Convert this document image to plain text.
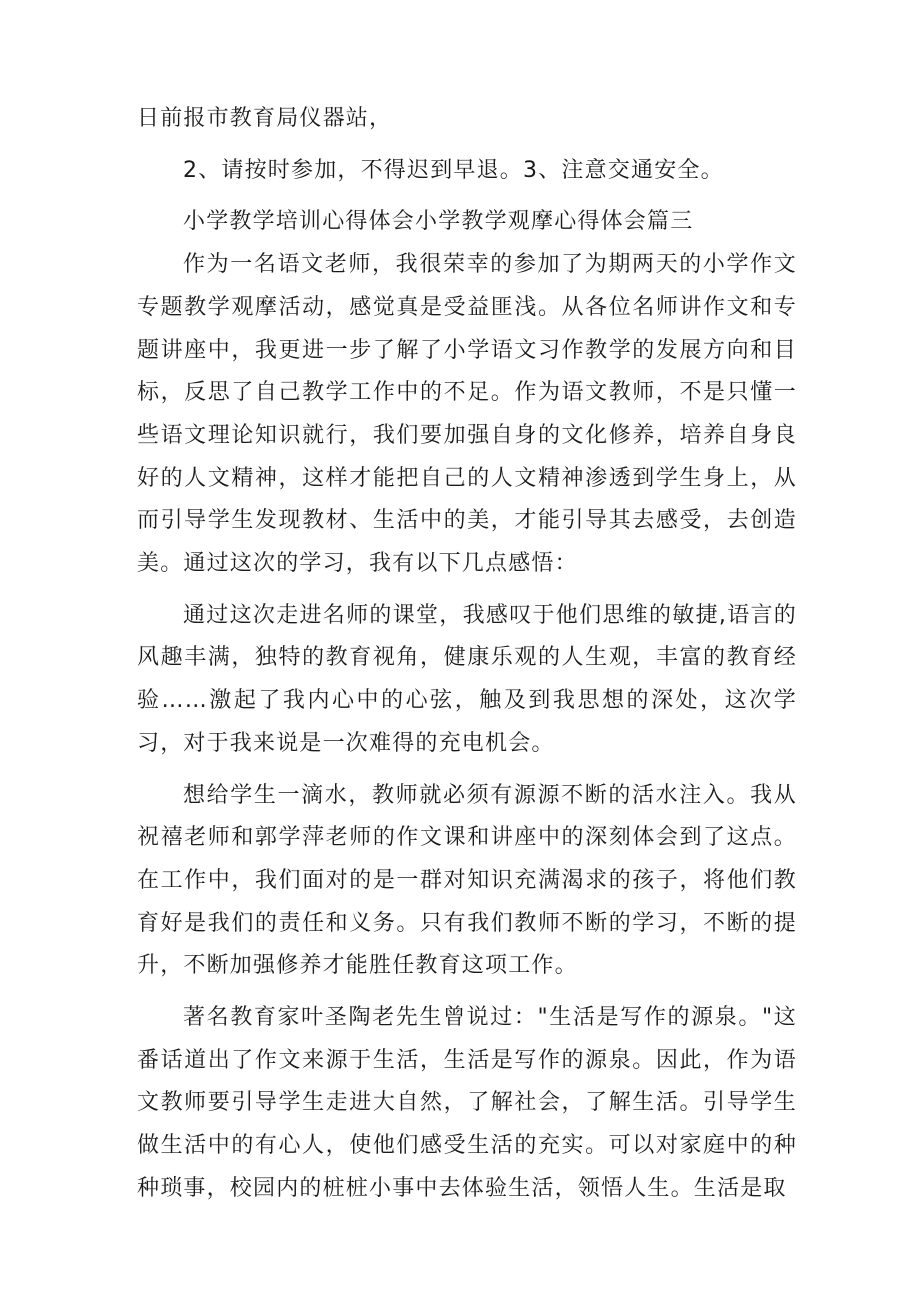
日前报市教育局仪器站，

2、请按时参加，不得迟到早退。3、注意交通安全。

小学教学培训心得体会小学教学观摩心得体会篇三

作为一名语文老师，我很荣幸的参加了为期两天的小学作文专题教学观摩活动，感觉真是受益匪浅。从各位名师讲作文和专题讲座中，我更进一步了解了小学语文习作教学的发展方向和目标，反思了自己教学工作中的不足。作为语文教师，不是只懂一些语文理论知识就行，我们要加强自身的文化修养，培养自身良好的人文精神，这样才能把自己的人文精神渗透到学生身上，从而引导学生发现教材、生活中的美，才能引导其去感受，去创造美。通过这次的学习，我有以下几点感悟：

通过这次走进名师的课堂，我感叹于他们思维的敏捷,语言的风趣丰满，独特的教育视角，健康乐观的人生观，丰富的教育经验……激起了我内心中的心弦，触及到我思想的深处，这次学习，对于我来说是一次难得的充电机会。

想给学生一滴水，教师就必须有源源不断的活水注入。我从祝禧老师和郭学萍老师的作文课和讲座中的深刻体会到了这点。在工作中，我们面对的是一群对知识充满渴求的孩子，将他们教育好是我们的责任和义务。只有我们教师不断的学习，不断的提升，不断加强修养才能胜任教育这项工作。

著名教育家叶圣陶老先生曾说过："生活是写作的源泉。"这番话道出了作文来源于生活，生活是写作的源泉。因此，作为语文教师要引导学生走进大自然，了解社会，了解生活。引导学生做生活中的有心人，使他们感受生活的充实。可以对家庭中的种种琐事，校园内的桩桩小事中去体验生活，领悟人生。生活是取
